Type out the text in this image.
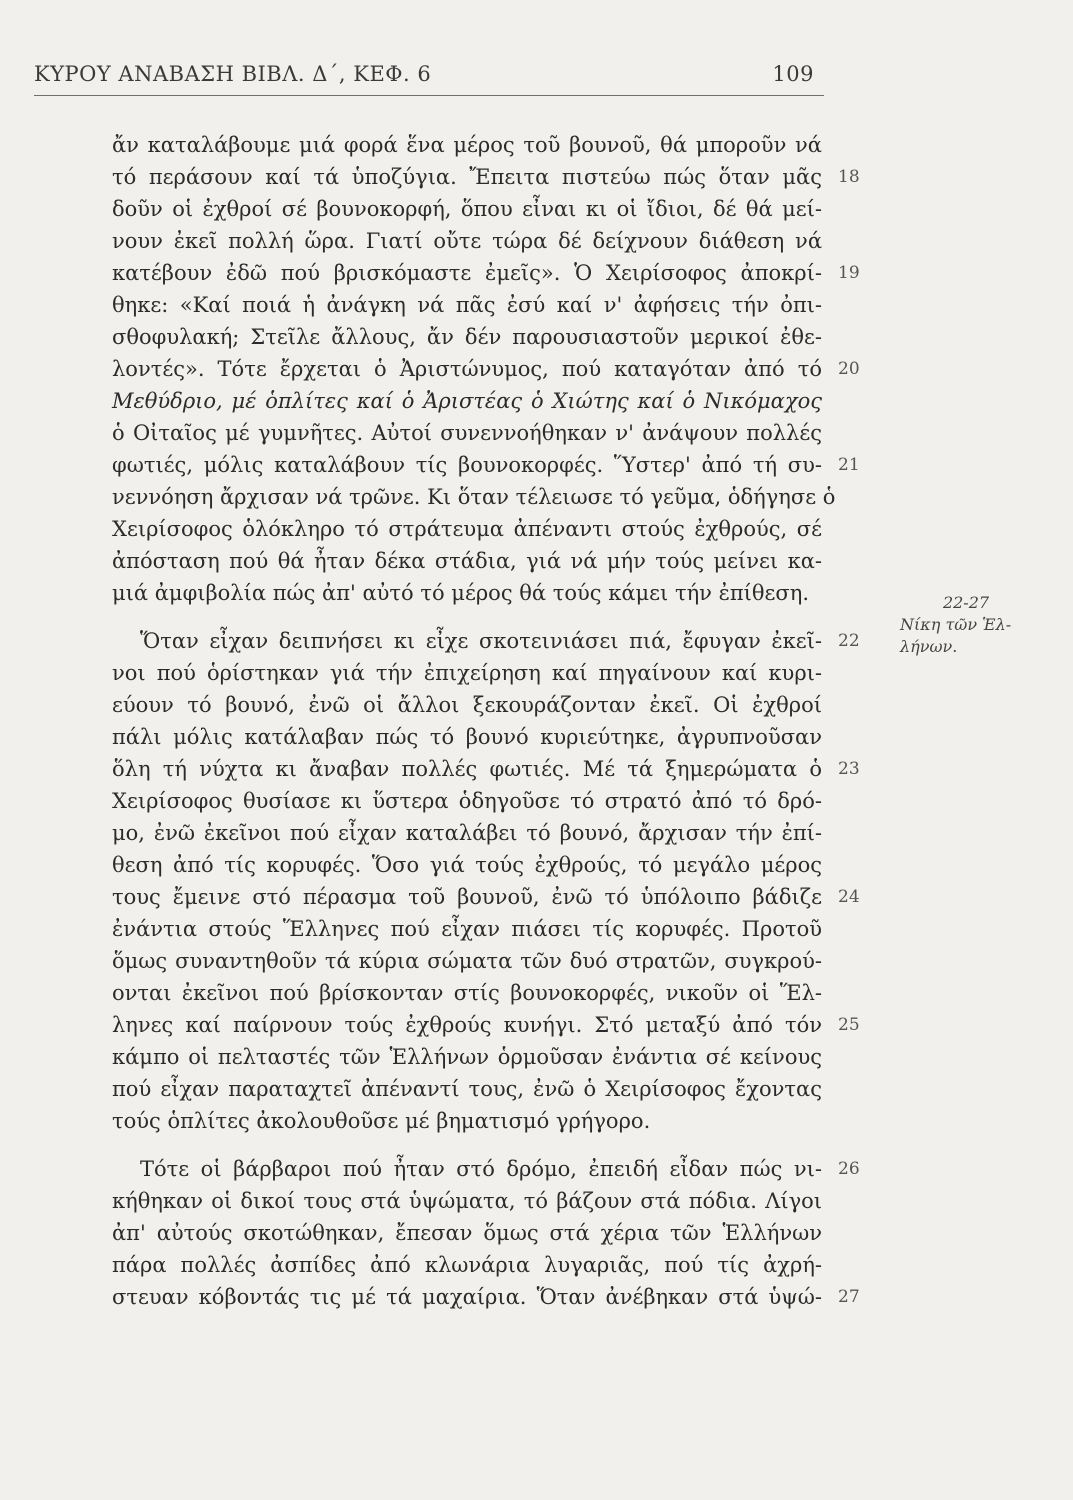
ΚΥΡΟΥ ΑΝΑΒΑΣΗ ΒΙΒΛ. Δ΄, ΚΕΦ. 6	109
ἄν καταλάβουμε μιά φορά ἕνα μέρος τοῦ βουνοῦ, θά μποροῦν νά
τό περάσουν καί τά ὑποζύγια. Ἔπειτα πιστεύω πώς ὅταν μᾶς
δοῦν οἱ ἐχθροί σέ βουνοκορφή, ὅπου εἶναι κι οἱ ἴδιοι, δέ θά μεί-
νουν ἐκεῖ πολλή ὥρα. Γιατί οὔτε τώρα δέ δείχνουν διάθεση νά
κατέβουν ἐδῶ πού βρισκόμαστε ἐμεῖς». Ὁ Χειρίσοφος ἀποκρί-
θηκε: «Καί ποιά ἡ ἀνάγκη νά πᾶς ἐσύ καί ν' ἀφήσεις τήν ὀπι-
σθοφυλακή; Στεῖλε ἄλλους, ἄν δέν παρουσιαστοῦν μερικοί ἐθε-
λοντές». Τότε ἔρχεται ὁ Ἀριστώνυμος, πού καταγόταν ἀπό τό
Μεθύδριο, μέ ὁπλίτες καί ὁ Ἀριστέας ὁ Χιώτης καί ὁ Νικόμαχος
ὁ Οἰταῖος μέ γυμνῆτες. Αὐτοί συνεννοήθηκαν ν' ἀνάψουν πολλές
φωτιές, μόλις καταλάβουν τίς βουνοκορφές. Ὕστερ' ἀπό τή συ-
νεννόηση ἄρχισαν νά τρῶνε. Κι ὅταν τέλειωσε τό γεῦμα, ὁδήγησε ὁ
Χειρίσοφος ὁλόκληρο τό στράτευμα ἀπέναντι στούς ἐχθρούς, σέ
ἀπόσταση πού θά ἦταν δέκα στάδια, γιά νά μήν τούς μείνει κα-
μιά ἀμφιβολία πώς ἀπ' αὐτό τό μέρος θά τούς κάμει τήν ἐπίθεση.
Ὅταν εἶχαν δειπνήσει κι εἶχε σκοτεινιάσει πιά, ἔφυγαν ἐκεῖ-
νοι πού ὁρίστηκαν γιά τήν ἐπιχείρηση καί πηγαίνουν καί κυρι-
εύουν τό βουνό, ἐνῶ οἱ ἄλλοι ξεκουράζονταν ἐκεῖ. Οἱ ἐχθροί
πάλι μόλις κατάλαβαν πώς τό βουνό κυριεύτηκε, ἀγρυπνοῦσαν
ὅλη τή νύχτα κι ἄναβαν πολλές φωτιές. Μέ τά ξημερώματα ὁ
Χειρίσοφος θυσίασε κι ὕστερα ὁδηγοῦσε τό στρατό ἀπό τό δρό-
μο, ἐνῶ ἐκεῖνοι πού εἶχαν καταλάβει τό βουνό, ἄρχισαν τήν ἐπί-
θεση ἀπό τίς κορυφές. Ὅσο γιά τούς ἐχθρούς, τό μεγάλο μέρος
τους ἔμεινε στό πέρασμα τοῦ βουνοῦ, ἐνῶ τό ὑπόλοιπο βάδιζε
ἐνάντια στούς Ἕλληνες πού εἶχαν πιάσει τίς κορυφές. Προτοῦ
ὅμως συναντηθοῦν τά κύρια σώματα τῶν δυό στρατῶν, συγκρού-
ονται ἐκεῖνοι πού βρίσκονταν στίς βουνοκορφές, νικοῦν οἱ Ἕλ-
ληνες καί παίρνουν τούς ἐχθρούς κυνήγι. Στό μεταξύ ἀπό τόν
κάμπο οἱ πελταστές τῶν Ἑλλήνων ὁρμοῦσαν ἐνάντια σέ κείνους
πού εἶχαν παραταχτεῖ ἀπέναντί τους, ἐνῶ ὁ Χειρίσοφος ἔχοντας
τούς ὁπλίτες ἀκολουθοῦσε μέ βηματισμό γρήγορο.
Τότε οἱ βάρβαροι πού ἦταν στό δρόμο, ἐπειδή εἶδαν πώς νι-
κήθηκαν οἱ δικοί τους στά ὑψώματα, τό βάζουν στά πόδια. Λίγοι
ἀπ' αὐτούς σκοτώθηκαν, ἔπεσαν ὅμως στά χέρια τῶν Ἑλλήνων
πάρα πολλές ἀσπίδες ἀπό κλωνάρια λυγαριᾶς, πού τίς ἀχρή-
στευαν κόβοντάς τις μέ τά μαχαίρια. Ὅταν ἀνέβηκαν στά ὑψώ-
18
19
20
21
22
23
24
25
26
27
22-27
Νίκη τῶν Ἑλ-
λήνων.
